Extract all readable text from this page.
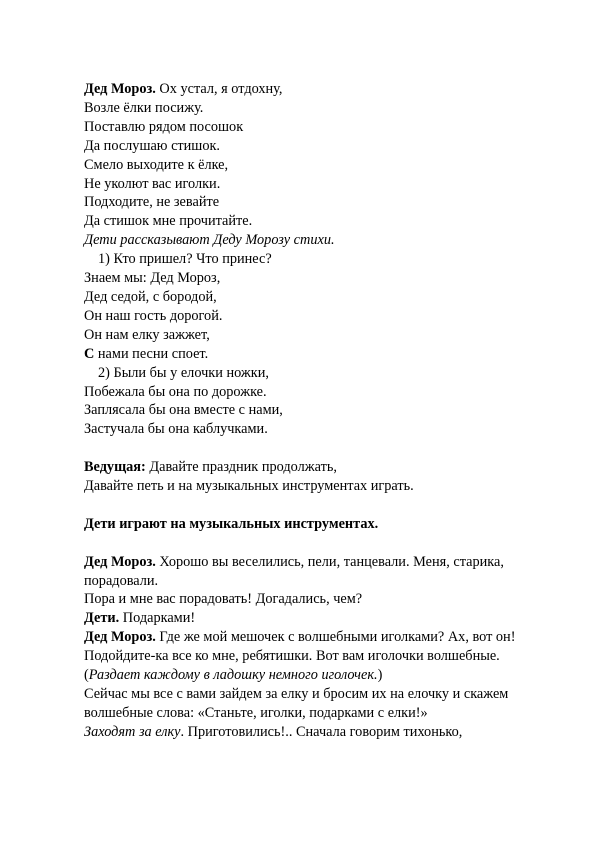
Дед Мороз. Ох устал, я отдохну,

Возле ёлки посижу.

Поставлю рядом посошок

Да послушаю стишок.

Смело выходите к ёлке,

Не уколют вас иголки.

Подходите, не зевайте

Да стишок мне прочитайте.

Дети рассказывают Деду Морозу стихи.

1) Кто пришел? Что принес?

Знаем мы: Дед Мороз,

Дед седой, с бородой,

Он наш гость дорогой.

Он нам елку зажжет,

С нами песни споет.

2) Были бы у елочки ножки,

Побежала бы она по дорожке.

Заплясала бы она вместе с нами,

Застучала бы она каблучками.

Ведущая: Давайте праздник продолжать,

Давайте петь и на музыкальных инструментах играть.

Дети играют на музыкальных инструментах.

Дед Мороз. Хорошо вы веселились, пели, танцевали. Меня, старика, порадовали.

Пора и мне вас порадовать! Догадались, чем?

Дети. Подарками!

Дед Мороз. Где же мой мешочек с волшебными иголками? Ах, вот он! Подойдите-ка все ко мне, ребятишки. Вот вам иголочки волшебные. (Раздает каждому в ладошку немного иголочек.)

Сейчас мы все с вами зайдем за елку и бросим их на елочку и скажем волшебные слова: «Станьте, иголки, подарками с елки!»

Заходят за елку. Приготовились!.. Сначала говорим тихонько,
